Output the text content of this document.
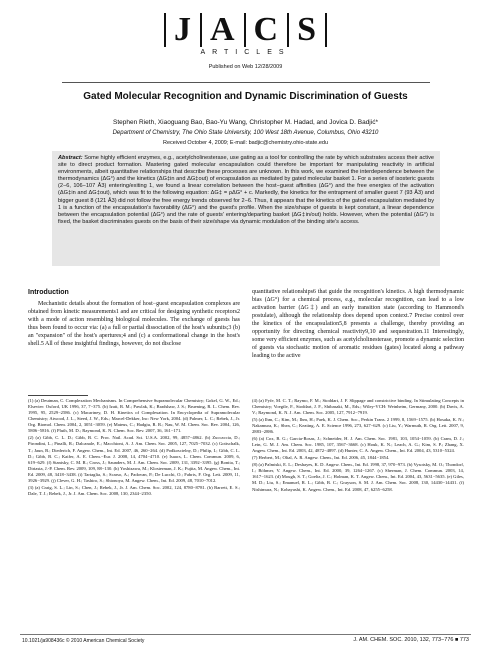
J A C S
ARTICLES
Published on Web 12/28/2009
Gated Molecular Recognition and Dynamic Discrimination of Guests
Stephen Rieth, Xiaoguang Bao, Bao-Yu Wang, Christopher M. Hadad, and Jovica D. Badjić*
Department of Chemistry, The Ohio State University, 100 West 18th Avenue, Columbus, Ohio 43210
Received October 4, 2009; E-mail: badjic@chemistry.ohio-state.edu
Abstract: Some highly efficient enzymes, e.g., acetylcholinesterase, use gating as a tool for controlling the rate by which substrates access their active site to direct product formation. Mastering gated molecular encapsulation could therefore be important for manipulating reactivity in artificial environments, albeit quantitative relationships that describe these processes are unknown. In this work, we examined the interdependence between the thermodynamics (ΔG°) and the kinetics (ΔG‡in and ΔG‡out) of encapsulation as mediated by gated molecular basket 1. For a series of isosteric guests (2−6, 106−107 Å3) entering/exiting 1, we found a linear correlation between the host−guest affinities (ΔG°) and the free energies of the activation (ΔG‡in and ΔG‡out), which was fit to the following equation: ΔG‡ = ρΔG° + c. Markedly, the kinetics for the entrapment of smaller guest 7 (93 Å3) and bigger guest 8 (121 Å3) did not follow the free energy trends observed for 2−6. Thus, it appears that the kinetics of the gated encapsulation mediated by 1 is a function of the encapsulation's favorability (ΔG°) and the guest's profile. When the size/shape of guests is kept constant, a linear dependence between the encapsulation potential (ΔG°) and the rate of guests' entering/departing basket (ΔG‡in/out) holds. However, when the potential (ΔG°) is fixed, the basket discriminates guests on the basis of their size/shape via dynamic modulation of the binding site's access.
Introduction
Mechanistic details about the formation of host−guest encapsulation complexes are obtained from kinetic measurements1 and are critical for designing synthetic receptors2 with a mode of action resembling biological molecules. The exchange of guests has thus been found to occur via: (a) a full or partial dissociation of the host's subunits;3 (b) an "expansion" of the host's apertures;4 and (c) a conformational change in the host's shell.5 All of these insightful findings, however, do not disclose
quantitative relationships6 that guide the recognition's kinetics. A high thermodynamic bias (ΔG°) for a chemical process, e.g., molecular recognition, can lead to a low activation barrier (ΔG‡) and an early transition state (according to Hammond's postulate), although the relationship does depend upon context.7 Precise control over the kinetics of the encapsulation5,8 presents a challenge, thereby providing an opportunity for directing chemical reactivity9,10 and sequestration.11 Interestingly, some very efficient enzymes, such as acetylcholinesterase, promote a dynamic selection of guests via stochastic motion of aromatic residues (gates) located along a pathway leading to the active
(1) (a) Deutman, C. Complexation Mechanisms. In Comprehensive Supramolecular Chemistry; Gokel, G. W., Ed.; Elsevier: Oxford, UK 1996, 37, 7−375. (b) Izatt, R. M.; Pawlak, K.; Bradshaw, J. S.; Bruening, R. L. Chem. Rev. 1995, 95, 2529−2586. (c) Macartney, D. H. Kinetics of Complexation. In Encyclopedia of Supramolecular Chemistry; Atwood, J. L., Steed, J. W., Eds.; Marcel-Dekker, Inc: New York, 2004. (d) Palmer, L. C.; Rebek, J., Jr. Org. Biomol. Chem. 2004, 2, 3051−3059. (e) Mateus, C.; Hadgiu, R. R.; Nau, W. M. Chem. Soc. Rev. 2004, 126, 5806−5816. (f) Pluth, M. D.; Raymond, K. N. Chem. Soc. Rev. 2007, 36, 161−171.
(2) (a) Gibb, C. L. D.; Gibb, B. C. Proc. Natl. Acad. Sci. U.S.A. 2002, 99, 4857−4862. (b) Zuccaccia, D.; Pirondini, L.; Pinalli, R.; Dalcanale, E.; Macchioni, A. J. Am. Chem. Soc. 2005, 127, 7025−7032. (c) Gottschalk, T.; Jaun, B.; Diederich, F. Angew. Chem., Int. Ed. 2007, 46, 260−264. (d) Podkoscielny, D.; Philip, I.; Gibb, C. L. D.; Gibb, B. C.; Kaifer, A. E. Chem.−Eur. J. 2008, 14, 4704−4710. (e) Isaacs, L. Chem. Commun. 2009, 6, 619−629. (f) Stanisky, C. M. R.; Cross, J.; Saunders, M. J. Am. Chem. Soc. 2009, 131, 3392−3395. (g) Bonita, T.; Diriasta, J.-P. Chem. Rev. 2009, 109, 88−130. (h) Yoshizawa, M.; Klosterman, J. K.; Fujita, M. Angew. Chem., Int. Ed. 2009, 48, 3418−3438. (i) Tartaglia, S.; Scarso, A.; Padovan, P.; De Lucchi, O.; Fabris, F. Org. Lett. 2009, 11, 3926−3929. (j) Clever, G. H.; Tashiro, S.; Shionoya, M. Angew. Chem., Int. Ed. 2009, 48, 7010−7012.
(3) (a) Craig, S. L.; Lin, S.; Chen, J.; Rebek, J., Jr. J. Am. Chem. Soc. 2002, 124, 8780−8781. (b) Barrett, E. S.; Dale, T. J.; Rebek, J., Jr. J. Am. Chem. Soc. 2008, 130, 2344−2350.
(4) (a) Fyfe, M. C. T.; Raymo, F. M.; Stoddart, J. F. Slippage and constrictive binding. In Stimulating Concepts in Chemistry; Voegtle, F., Stoddart, J. F., Shibasaki, M., Eds.; Wiley-VCH: Weinheim, Germany, 2000. (b) Davis, A. V.; Raymond, K. N. J. Am. Chem. Soc. 2005, 127, 7912−7919.
(5) (a) Ihm, C.; Kim, M.; Ihm, H.; Paek, K. J. Chem. Soc., Perkin Trans. 2 1999, 8, 1569−1575. (b) Hosaka, K. N.; Nakamura, K.; Shea, C.; Keating, A. E. Science 1996, 273, 627−629. (c) Liu, Y.; Warmuth, R. Org. Lett. 2007, 9, 2883−2886.
(6) (a) Cox, B. G.; Garcia-Rosas, J.; Schneider, H. J. Am. Chem. Soc. 1981, 103, 1054−1059. (b) Cram, D. J.; Lein, G. M. J. Am. Chem. Soc. 1985, 107, 3567−3668. (c) Houk, K. N.; Leach, A. G.; Kim, S. P.; Zhang, X. Angew. Chem., Int. Ed. 2003, 42, 4872−4897. (d) Hunter, C. A. Angew. Chem., Int. Ed. 2004, 43, 5310−5324.
(7) Herbert, M.; Oltal, A. R. Angew. Chem., Int. Ed. 2006, 45, 1844−1854.
(8) (a) Palmiski, E. L.; Deshayes, K. D. Angew. Chem., Int. Ed. 1998, 37, 970−973. (b) Vysotsky, M. O.; Thondorf, I.; Böhmer, V. Angew. Chem., Int. Ed. 2000, 39, 1264−1267. (c) Sherman, J. Chem. Commun. 2003, 14, 1617−1623. (d) Mough, S. T.; Goeltz, J. C.; Holman, K. T. Angew. Chem., Int. Ed. 2004, 43, 5631−5635. (e) Giles, M. D.; Liu, S.; Emanuel, R. L.; Gibb, B. C.; Grayson, S. M. J. Am. Chem. Soc. 2008, 130, 14430−14431. (f) Nishimura, N.; Kobayashi, K. Angew. Chem., Int. Ed. 2008, 47, 6255−6258.
10.1021/ja908436c © 2010 American Chemical Society	J. AM. CHEM. SOC. 2010, 132, 773−776 ■ 773
